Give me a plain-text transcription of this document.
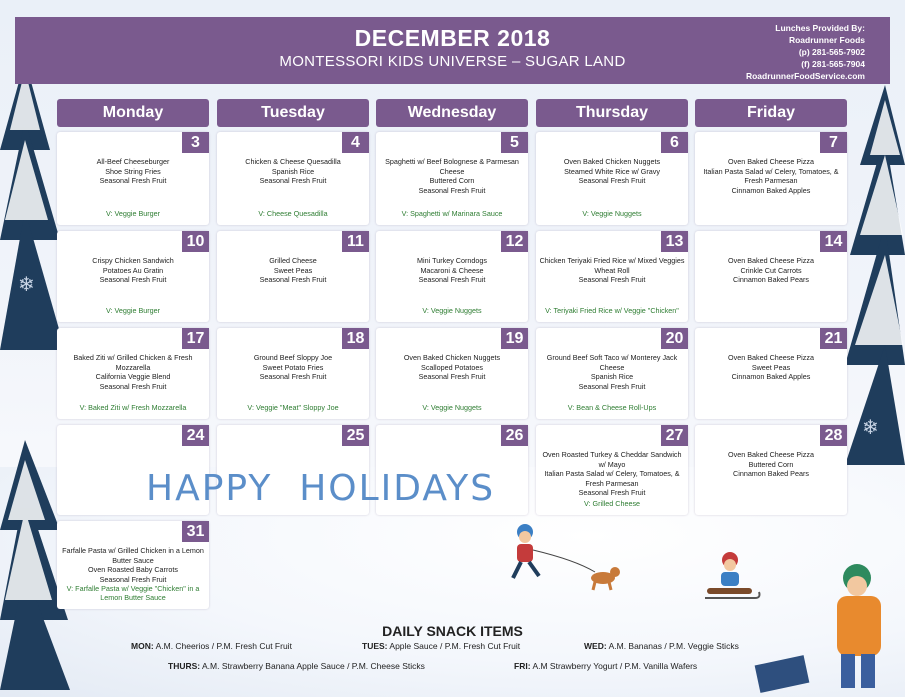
❄
❄
DECEMBER 2018
MONTESSORI KIDS UNIVERSE – SUGAR LAND
Lunches Provided By:
Roadrunner Foods
(p) 281-565-7902
(f) 281-565-7904
RoadrunnerFoodService.com
Monday	Tuesday	Wednesday	Thursday	Friday
3
All-Beef Cheeseburger
Shoe String Fries
Seasonal Fresh Fruit
V: Veggie Burger
4
Chicken & Cheese Quesadilla
Spanish Rice
Seasonal Fresh Fruit
V: Cheese Quesadilla
5
Spaghetti w/ Beef Bolognese & Parmesan Cheese
Buttered Corn
Seasonal Fresh Fruit
V: Spaghetti w/ Marinara Sauce
6
Oven Baked Chicken Nuggets
Steamed White Rice w/ Gravy
Seasonal Fresh Fruit
V: Veggie Nuggets
7
Oven Baked Cheese Pizza
Italian Pasta Salad w/ Celery, Tomatoes, & Fresh Parmesan
Cinnamon Baked Apples
10
Crispy Chicken Sandwich
Potatoes Au Gratin
Seasonal Fresh Fruit
V: Veggie Burger
11
Grilled Cheese
Sweet Peas
Seasonal Fresh Fruit
12
Mini Turkey Corndogs
Macaroni & Cheese
Seasonal Fresh Fruit
V: Veggie Nuggets
13
Chicken Teriyaki Fried Rice w/ Mixed Veggies
Wheat Roll
Seasonal Fresh Fruit
V: Teriyaki Fried Rice w/ Veggie "Chicken"
14
Oven Baked Cheese Pizza
Crinkle Cut Carrots
Cinnamon Baked Pears
17
Baked Ziti w/ Grilled Chicken & Fresh Mozzarella
California Veggie Blend
Seasonal Fresh Fruit
V: Baked Ziti w/ Fresh Mozzarella
18
Ground Beef Sloppy Joe
Sweet Potato Fries
Seasonal Fresh Fruit
V: Veggie "Meat" Sloppy Joe
19
Oven Baked Chicken Nuggets
Scalloped Potatoes
Seasonal Fresh Fruit
V: Veggie Nuggets
20
Ground Beef Soft Taco w/ Monterey Jack Cheese
Spanish Rice
Seasonal Fresh Fruit
V: Bean & Cheese Roll-Ups
21
Oven Baked Cheese Pizza
Sweet Peas
Cinnamon Baked Apples
24	25	26	27
Oven Roasted Turkey & Cheddar Sandwich w/ Mayo
Italian Pasta Salad w/ Celery, Tomatoes, & Fresh Parmesan
Seasonal Fresh Fruit
V: Grilled Cheese
28
Oven Baked Cheese Pizza
Buttered Corn
Cinnamon Baked Pears
31
Farfalle Pasta w/ Grilled Chicken in a Lemon Butter Sauce
Oven Roasted Baby Carrots
Seasonal Fresh Fruit
V: Farfalle Pasta w/ Veggie "Chicken" in a Lemon Butter Sauce
HAPPY  HOLIDAYS
DAILY SNACK ITEMS
MON: A.M. Cheerios / P.M. Fresh Cut Fruit	TUES: Apple Sauce / P.M. Fresh Cut Fruit	WED: A.M. Bananas / P.M. Veggie Sticks
THURS: A.M. Strawberry Banana Apple Sauce / P.M. Cheese Sticks	FRI: A.M Strawberry Yogurt / P.M. Vanilla Wafers
